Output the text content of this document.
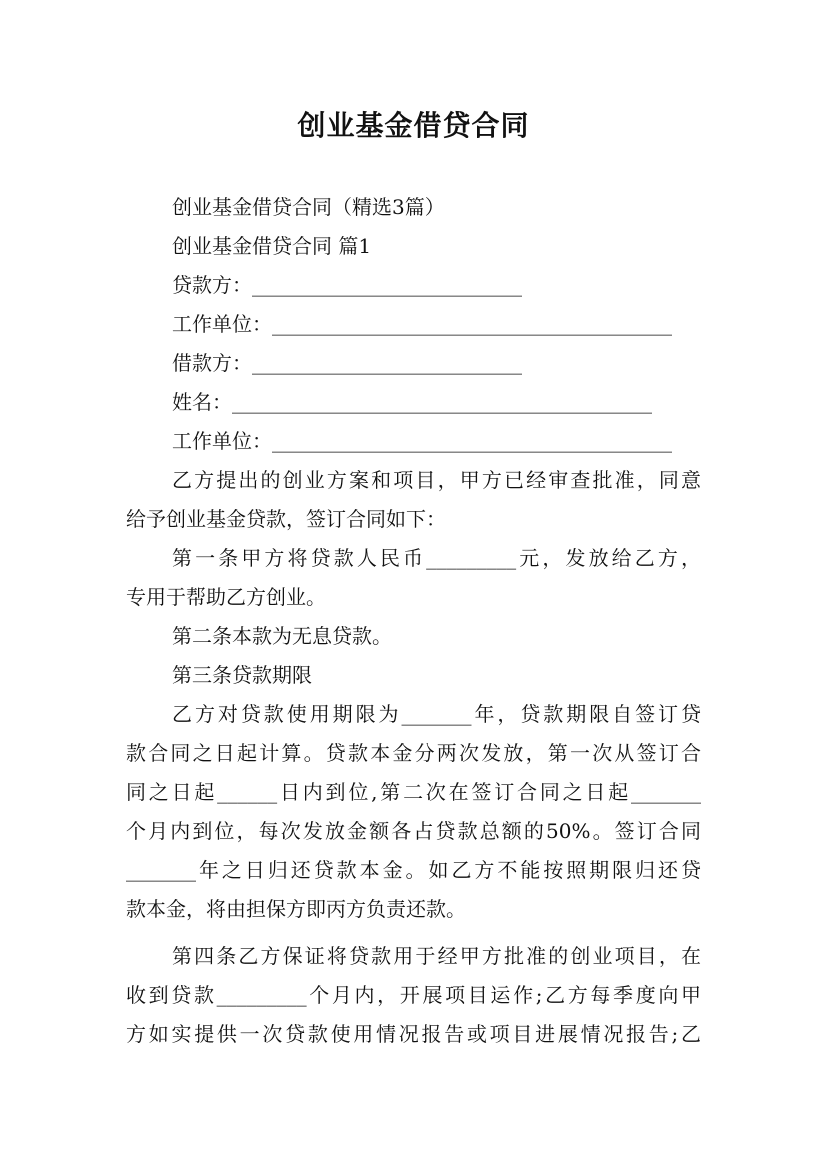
创业基金借贷合同
创业基金借贷合同（精选3篇）
创业基金借贷合同 篇1
贷款方：___________________________
工作单位：________________________________________
借款方：___________________________
姓名：__________________________________________
工作单位：________________________________________
乙方提出的创业方案和项目，甲方已经审查批准，同意
给予创业基金贷款，签订合同如下：
第一条甲方将贷款人民币_________元，发放给乙方，
专用于帮助乙方创业。
第二条本款为无息贷款。
第三条贷款期限
乙方对贷款使用期限为_______年，贷款期限自签订贷
款合同之日起计算。贷款本金分两次发放，第一次从签订合
同之日起______日内到位,第二次在签订合同之日起_______
个月内到位，每次发放金额各占贷款总额的50%。签订合同
_______年之日归还贷款本金。如乙方不能按照期限归还贷
款本金，将由担保方即丙方负责还款。
第四条乙方保证将贷款用于经甲方批准的创业项目，在
收到贷款_________个月内，开展项目运作;乙方每季度向甲
方如实提供一次贷款使用情况报告或项目进展情况报告;乙
